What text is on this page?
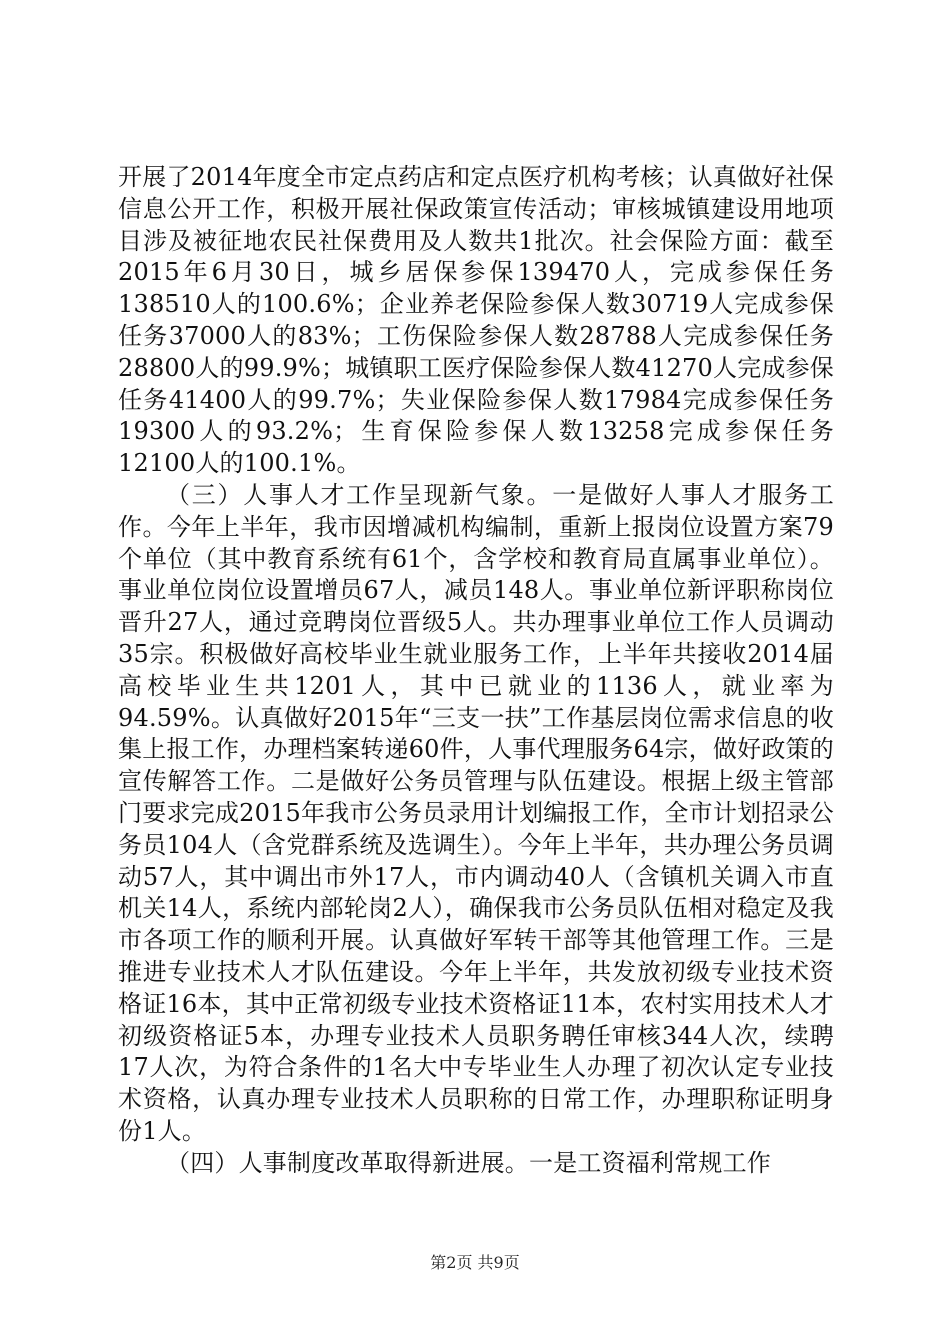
开展了2014年度全市定点药店和定点医疗机构考核；认真做好社保信息公开工作，积极开展社保政策宣传活动；审核城镇建设用地项目涉及被征地农民社保费用及人数共1批次。社会保险方面：截至2015年6月30日，城乡居保参保139470人，完成参保任务138510人的100.6%；企业养老保险参保人数30719人完成参保任务37000人的83%；工伤保险参保人数28788人完成参保任务28800人的99.9%；城镇职工医疗保险参保人数41270人完成参保任务41400人的99.7%；失业保险参保人数17984完成参保任务19300人的93.2%；生育保险参保人数13258完成参保任务12100人的100.1%。

（三）人事人才工作呈现新气象。一是做好人事人才服务工作。今年上半年，我市因增减机构编制，重新上报岗位设置方案79个单位（其中教育系统有61个，含学校和教育局直属事业单位）。事业单位岗位设置增员67人，减员148人。事业单位新评职称岗位晋升27人，通过竞聘岗位晋级5人。共办理事业单位工作人员调动35宗。积极做好高校毕业生就业服务工作，上半年共接收2014届高校毕业生共1201人，其中已就业的1136人，就业率为94.59%。认真做好2015年“三支一扶”工作基层岗位需求信息的收集上报工作，办理档案转递60件，人事代理服务64宗，做好政策的宣传解答工作。二是做好公务员管理与队伍建设。根据上级主管部门要求完成2015年我市公务员录用计划编报工作，全市计划招录公务员104人（含党群系统及选调生）。今年上半年，共办理公务员调动57人，其中调出市外17人，市内调动40人（含镇机关调入市直机关14人，系统内部轮岗2人），确保我市公务员队伍相对稳定及我市各项工作的顺利开展。认真做好军转干部等其他管理工作。三是推进专业技术人才队伍建设。今年上半年，共发放初级专业技术资格证16本，其中正常初级专业技术资格证11本，农村实用技术人才初级资格证5本，办理专业技术人员职务聘任审核344人次，续聘17人次，为符合条件的1名大中专毕业生人办理了初次认定专业技术资格，认真办理专业技术人员职称的日常工作，办理职称证明身份1人。

（四）人事制度改革取得新进展。一是工资福利常规工作

第2页 共9页
